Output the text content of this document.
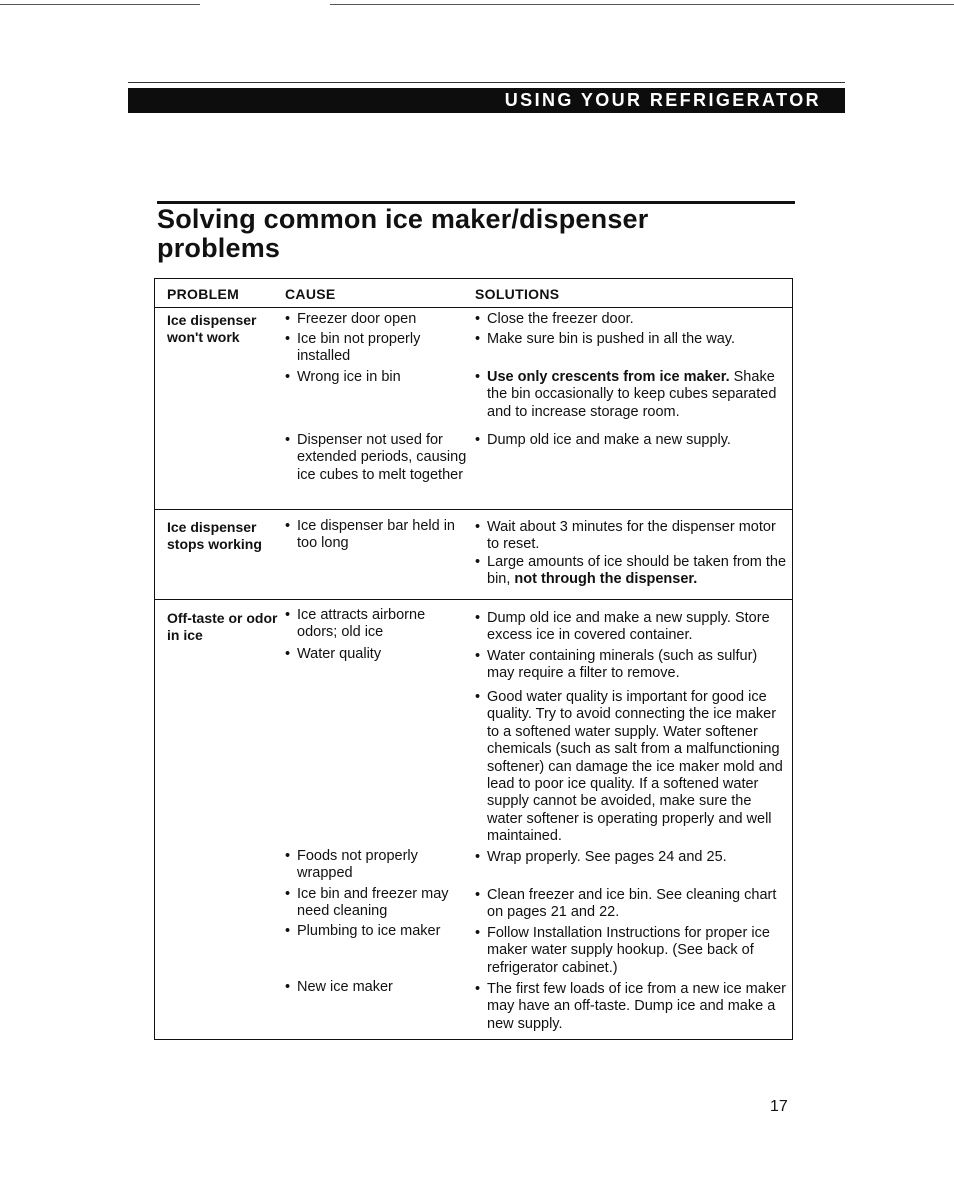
USING YOUR REFRIGERATOR
Solving common ice maker/dispenser problems
PROBLEM	CAUSE	SOLUTIONS
Ice dispenser won't work
• Freezer door open
• Ice bin not properly installed
• Wrong ice in bin
• Dispenser not used for extended periods, causing ice cubes to melt together
• Close the freezer door.
• Make sure bin is pushed in all the way.
• Use only crescents from ice maker. Shake the bin occasionally to keep cubes separated and to increase storage room.
• Dump old ice and make a new supply.
Ice dispenser stops working
• Ice dispenser bar held in too long
• Wait about 3 minutes for the dispenser motor to reset.
• Large amounts of ice should be taken from the bin, not through the dispenser.
Off-taste or odor in ice
• Ice attracts airborne odors; old ice
• Water quality
• Foods not properly wrapped
• Ice bin and freezer may need cleaning
• Plumbing to ice maker
• New ice maker
• Dump old ice and make a new supply. Store excess ice in covered container.
• Water containing minerals (such as sulfur) may require a filter to remove.
• Good water quality is important for good ice quality. Try to avoid connecting the ice maker to a softened water supply. Water softener chemicals (such as salt from a malfunctioning softener) can damage the ice maker mold and lead to poor ice quality. If a softened water supply cannot be avoided, make sure the water softener is operating properly and well maintained.
• Wrap properly. See pages 24 and 25.
• Clean freezer and ice bin. See cleaning chart on pages 21 and 22.
• Follow Installation Instructions for proper ice maker water supply hookup. (See back of refrigerator cabinet.)
• The first few loads of ice from a new ice maker may have an off-taste. Dump ice and make a new supply.
17
